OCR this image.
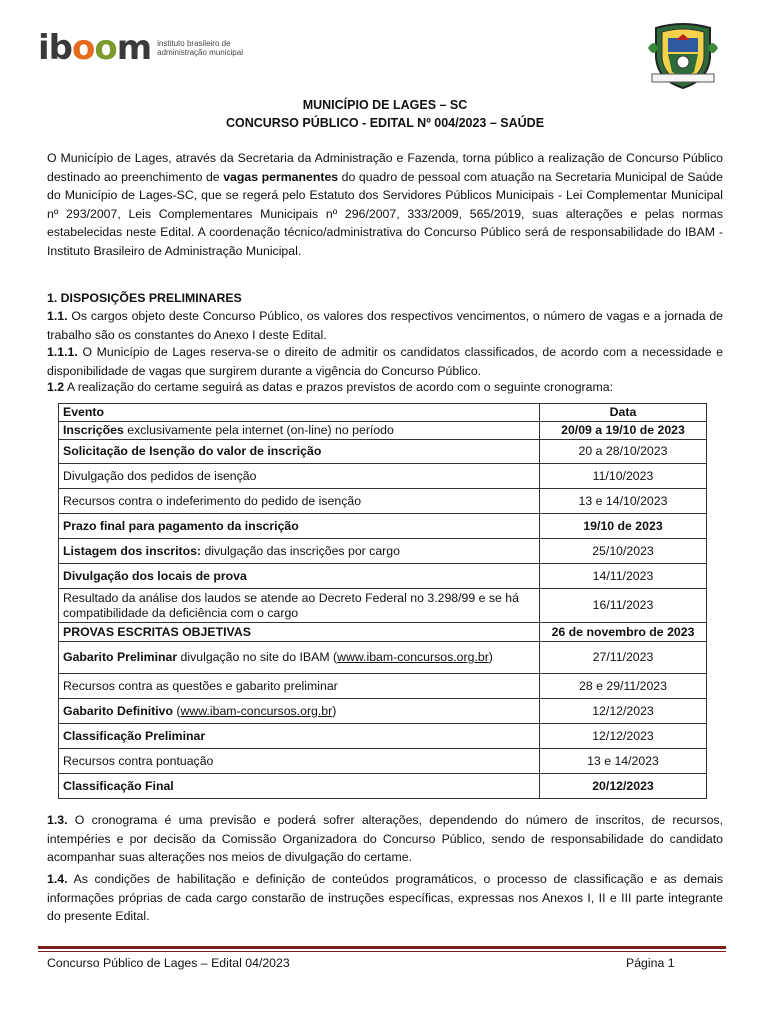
iboom instituto brasileiro de
administração municipal
MUNICÍPIO DE LAGES – SC
CONCURSO PÚBLICO - EDITAL Nº 004/2023 – SAÚDE
O Município de Lages, através da Secretaria da Administração e Fazenda, torna público a realização de Concurso Público destinado ao preenchimento de vagas permanentes do quadro de pessoal com atuação na Secretaria Municipal de Saúde do Município de Lages-SC, que se regerá pelo Estatuto dos Servidores Públicos Municipais - Lei Complementar Municipal nº 293/2007, Leis Complementares Municipais nº 296/2007, 333/2009, 565/2019, suas alterações e pelas normas estabelecidas neste Edital. A coordenação técnico/administrativa do Concurso Público será de responsabilidade do IBAM - Instituto Brasileiro de Administração Municipal.
1. DISPOSIÇÕES PRELIMINARES
1.1. Os cargos objeto deste Concurso Público, os valores dos respectivos vencimentos, o número de vagas e a jornada de trabalho são os constantes do Anexo I deste Edital.
1.1.1. O Município de Lages reserva-se o direito de admitir os candidatos classificados, de acordo com a necessidade e disponibilidade de vagas que surgirem durante a vigência do Concurso Público.
1.2 A realização do certame seguirá as datas e prazos previstos de acordo com o seguinte cronograma:
Evento	Data
Inscrições exclusivamente pela internet (on-line) no período	20/09 a 19/10 de 2023
Solicitação de Isenção do valor de inscrição	20 a 28/10/2023
Divulgação dos pedidos de isenção	11/10/2023
Recursos contra o indeferimento do pedido de isenção	13 e 14/10/2023
Prazo final para pagamento da inscrição	19/10 de 2023
Listagem dos inscritos: divulgação das inscrições por cargo	25/10/2023
Divulgação dos locais de prova	14/11/2023
Resultado da análise dos laudos se atende ao Decreto Federal no 3.298/99 e se há compatibilidade da deficiência com o cargo	16/11/2023
PROVAS ESCRITAS OBJETIVAS	26 de novembro de 2023
Gabarito Preliminar divulgação no site do IBAM (www.ibam-concursos.org.br)	27/11/2023
Recursos contra as questões e gabarito preliminar	28 e 29/11/2023
Gabarito Definitivo (www.ibam-concursos.org.br)	12/12/2023
Classificação Preliminar	12/12/2023
Recursos contra pontuação	13 e 14/2023
Classificação Final	20/12/2023
1.3. O cronograma é uma previsão e poderá sofrer alterações, dependendo do número de inscritos, de recursos, intempéries e por decisão da Comissão Organizadora do Concurso Público, sendo de responsabilidade do candidato acompanhar suas alterações nos meios de divulgação do certame.
1.4. As condições de habilitação e definição de conteúdos programáticos, o processo de classificação e as demais informações próprias de cada cargo constarão de instruções específicas, expressas nos Anexos I, II e III parte integrante do presente Edital.
Concurso Público de Lages – Edital 04/2023	Página 1
